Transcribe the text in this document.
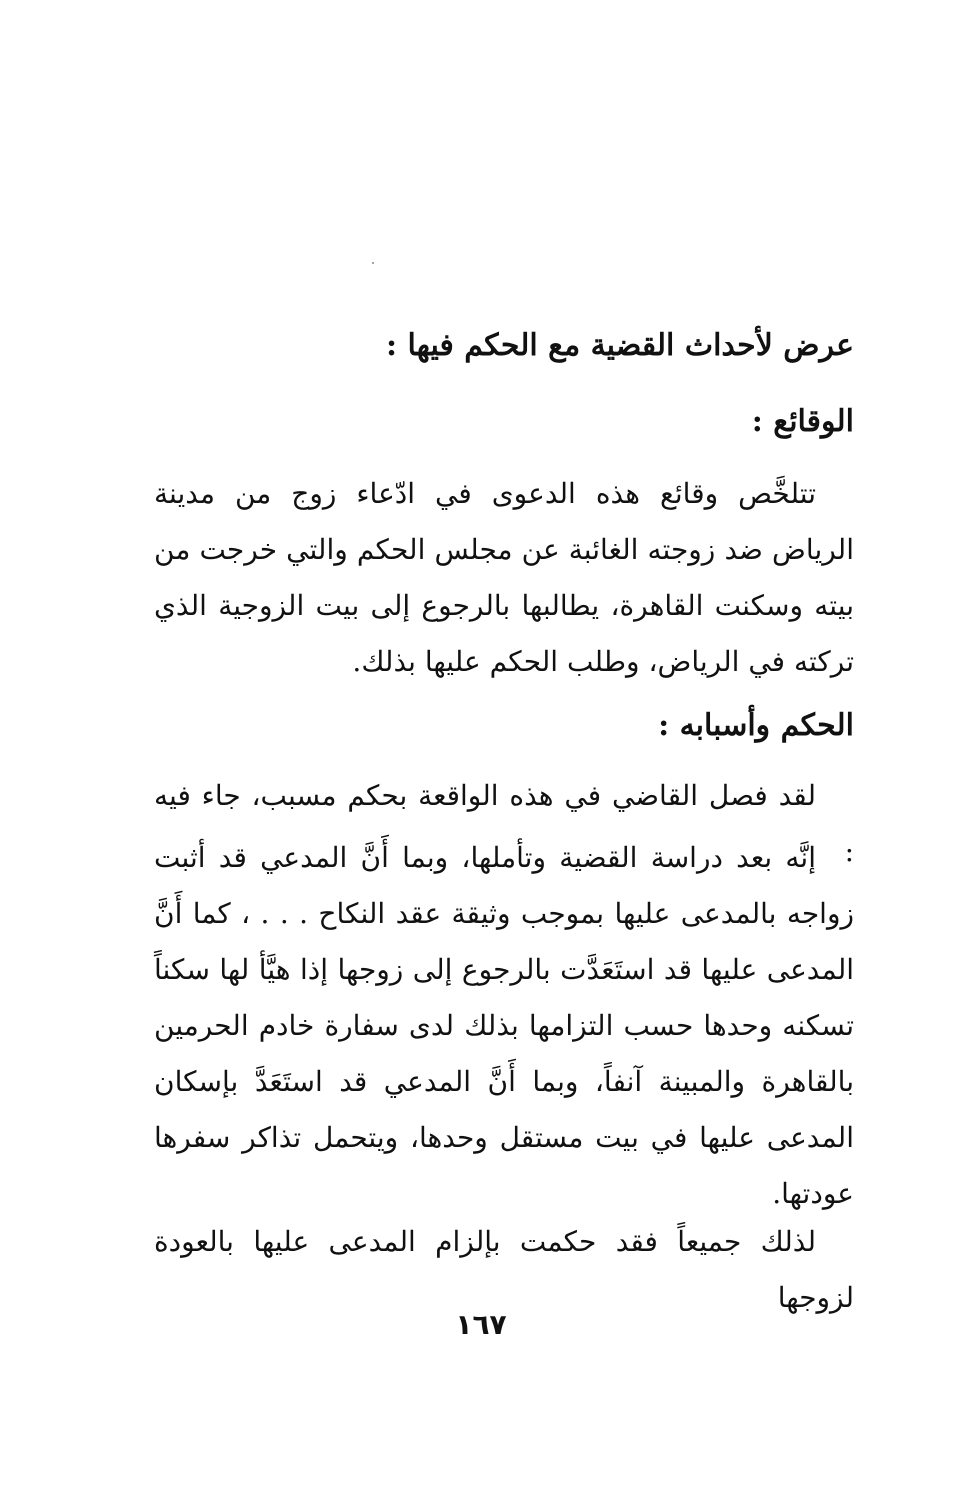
عرض لأحداث القضية مع الحكم فيها :
الوقائع :
تتلخَّص وقائع هذه الدعوى في ادّعاء زوج من مدينة الرياض ضد زوجته الغائبة عن مجلس الحكم والتي خرجت من بيته وسكنت القاهرة، يطالبها بالرجوع إلى بيت الزوجية الذي تركته في الرياض، وطلب الحكم عليها بذلك.
الحكم وأسبابه :
لقد فصل القاضي في هذه الواقعة بحكم مسبب، جاء فيه :
إنَّه بعد دراسة القضية وتأملها، وبما أَنَّ المدعي قد أثبت زواجه بالمدعى عليها بموجب وثيقة عقد النكاح . . . ، كما أَنَّ المدعى عليها قد استَعَدَّت بالرجوع إلى زوجها إذا هيَّأ لها سكناً تسكنه وحدها حسب التزامها بذلك لدى سفارة خادم الحرمين بالقاهرة والمبينة آنفاً، وبما أَنَّ المدعي قد استَعَدَّ بإسكان المدعى عليها في بيت مستقل وحدها، ويتحمل تذاكر سفرها عودتها.
لذلك جميعاً فقد حكمت بإلزام المدعى عليها بالعودة لزوجها
١٦٧
